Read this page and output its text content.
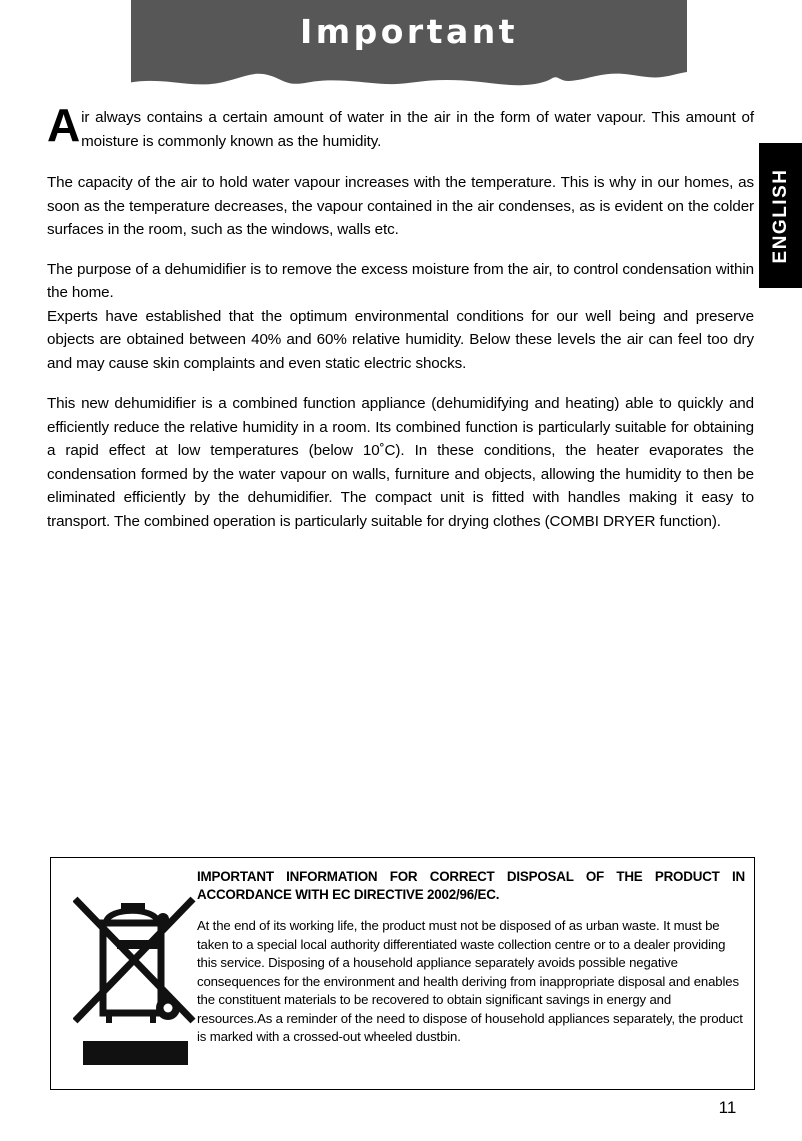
Important
ENGLISH

Air always contains a certain amount of water in the air in the form of water vapour. This amount of moisture is commonly known as the humidity.

The capacity of the air to hold water vapour increases with the temperature. This is why in our homes, as soon as the temperature decreases, the vapour contained in the air condenses, as is evident on the colder surfaces in the room, such as the windows, walls etc.

The purpose of a dehumidifier is to remove the excess moisture from the air, to control condensation within the home.

Experts have established that the optimum environmental conditions for our well being and preserve objects are obtained between 40% and 60% relative humidity. Below these levels the air can feel too dry and may cause skin complaints and even static electric shocks.

This new dehumidifier is a combined function appliance (dehumidifying and heating) able to quickly and efficiently reduce the relative humidity in a room. Its combined function is particularly suitable for obtaining a rapid effect at low temperatures (below 10˚C). In these conditions, the heater evaporates the condensation formed by the water vapour on walls, furniture and objects, allowing the humidity to then be eliminated efficiently by the dehumidifier. The compact unit is fitted with handles making it easy to transport. The combined operation is particularly suitable for drying clothes (COMBI DRYER function).

IMPORTANT INFORMATION FOR CORRECT DISPOSAL OF THE PRODUCT IN ACCORDANCE WITH EC DIRECTIVE 2002/96/EC.

At the end of its working life, the product must not be disposed of as urban waste. It must be taken to a special local authority differentiated waste collection centre or to a dealer providing this service. Disposing of a household appliance separately avoids possible negative consequences for the environment and health deriving from inappropriate disposal and enables the constituent materials to be recovered to obtain significant savings in energy and resources.As a reminder of the need to dispose of household appliances separately, the product is marked with a crossed-out wheeled dustbin.

11
